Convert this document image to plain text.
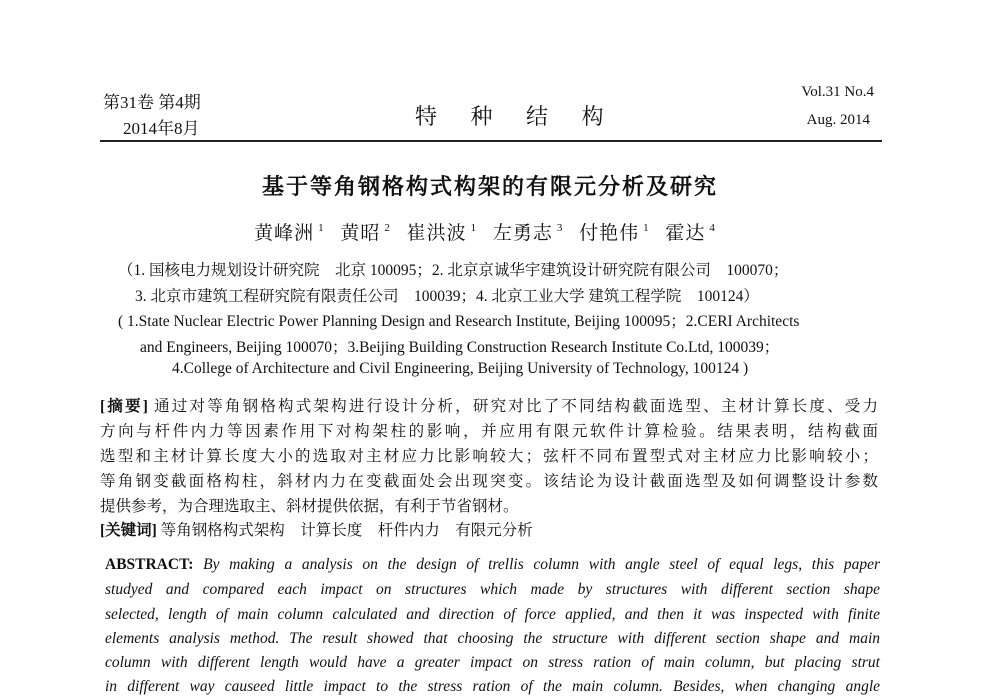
第31卷 第4期
2014年8月	特 种 结 构
Vol.31 No.4
Aug. 2014
基于等角钢格构式构架的有限元分析及研究
黄峰洲 $^1$ 黄昭 $^2$ 崔洪波 $^1$ 左勇志 $^3$ 付艳伟 $^1$ 霍达 $^4$
（1. 国核电力规划设计研究院　北京 100095；2. 北京京诚华宇建筑设计研究院有限公司　100070；
3. 北京市建筑工程研究院有限责任公司　100039；4. 北京工业大学 建筑工程学院　100124）
( 1.State Nuclear Electric Power Planning Design and Research Institute, Beijing 100095；2.CERI Architects
and Engineers, Beijing 100070；3.Beijing Building Construction Research Institute Co.Ltd, 100039；
4.College of Architecture and Civil Engineering, Beijing University of Technology, 100124 )
[摘要] 通过对等角钢格构式架构进行设计分析，研究对比了不同结构截面选型、主材计算长度、受力
方向与杆件内力等因素作用下对构架柱的影响，并应用有限元软件计算检验。结果表明，结构截面
选型和主材计算长度大小的选取对主材应力比影响较大；弦杆不同布置型式对主材应力比影响较小；
等角钢变截面格构柱，斜材内力在变截面处会出现突变。该结论为设计截面选型及如何调整设计参数
提供参考，为合理选取主、斜材提供依据，有利于节省钢材。
[关键词] 等角钢格构式架构　计算长度　杆件内力　有限元分析
ABSTRACT: By making a analysis on the design of trellis column with angle steel of equal legs, this paper
studyed and compared each impact on structures which made by structures with different section shape
selected, length of main column calculated and direction of force applied, and then it was inspected with finite
elements analysis method. The result showed that choosing the structure with different section shape and main
column with different length would have a greater impact on stress ration of main column, but placing strut
in different way causeed little impact to the stress ration of the main column. Besides, when changing angle
